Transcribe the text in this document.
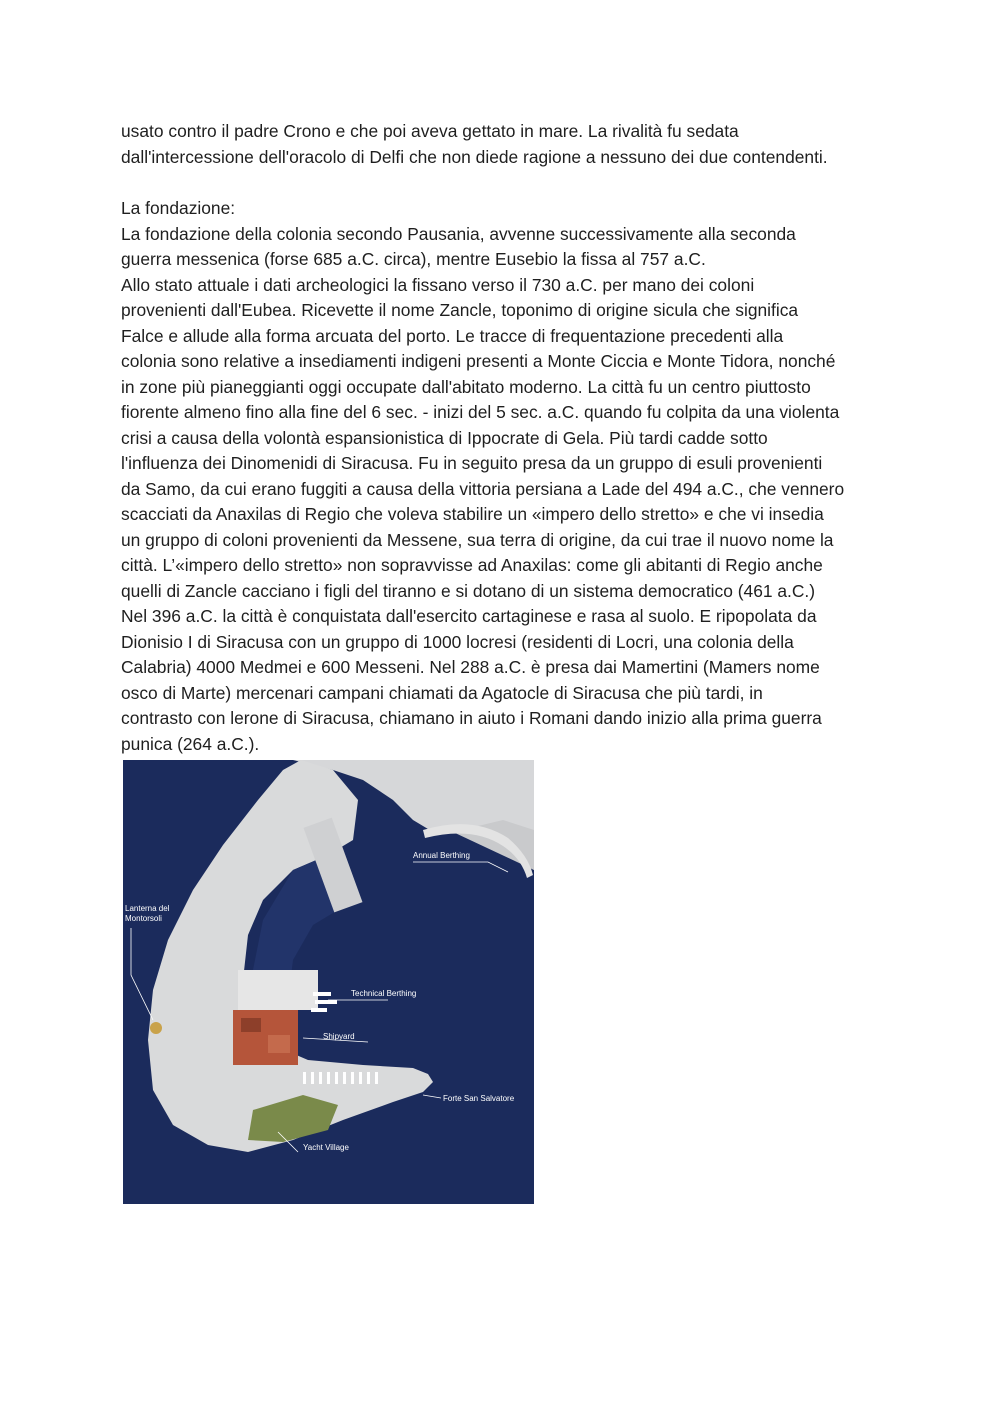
usato contro il padre Crono e che poi aveva gettato in mare. La rivalità fu sedata

dall'intercessione dell'oracolo di Delfi che non diede ragione a nessuno dei due contendenti.

La fondazione:

La fondazione della colonia secondo Pausania, avvenne successivamente alla seconda

guerra messenica (forse 685 a.C. circa), mentre Eusebio la fissa al 757 a.C.

Allo stato attuale i dati archeologici la fissano verso il 730 a.C. per mano dei coloni

provenienti dall'Eubea. Ricevette il nome Zancle, toponimo di origine sicula che significa

Falce e allude alla forma arcuata del porto. Le tracce di frequentazione precedenti alla

colonia sono relative a insediamenti indigeni presenti a Monte Ciccia e Monte Tidora, nonché

in zone più pianeggianti oggi occupate dall'abitato moderno. La città fu un centro piuttosto

fiorente almeno fino alla fine del 6 sec. - inizi del 5 sec. a.C. quando fu colpita da una violenta

crisi a causa della volontà espansionistica di Ippocrate di Gela. Più tardi cadde sotto

l'influenza dei Dinomenidi di Siracusa. Fu in seguito presa da un gruppo di esuli provenienti

da Samo, da cui erano fuggiti a causa della vittoria persiana a Lade del 494 a.C., che vennero

scacciati da Anaxilas di Regio che voleva stabilire un «impero dello stretto» e che vi insedia

un gruppo di coloni provenienti da Messene, sua terra di origine, da cui trae il nuovo nome la

città. L’«impero dello stretto» non sopravvisse ad Anaxilas: come gli abitanti di Regio anche

quelli di Zancle cacciano i figli del tiranno e si dotano di un sistema democratico (461 a.C.)

Nel 396 a.C. la città è conquistata dall'esercito cartaginese e rasa al suolo. E ripopolata da

Dionisio I di Siracusa con un gruppo di 1000 locresi (residenti di Locri, una colonia della

Calabria) 4000 Medmei e 600 Messeni. Nel 288 a.C. è presa dai Mamertini (Mamers nome

osco di Marte) mercenari campani chiamati da Agatocle di Siracusa che più tardi, in

contrasto con lerone di Siracusa, chiamano in aiuto i Romani dando inizio alla prima guerra

punica (264 a.C.).

Annual Berthing
Lanterna del
Montorsoli
Technical Berthing
Shipyard
Forte San Salvatore
Yacht Village
